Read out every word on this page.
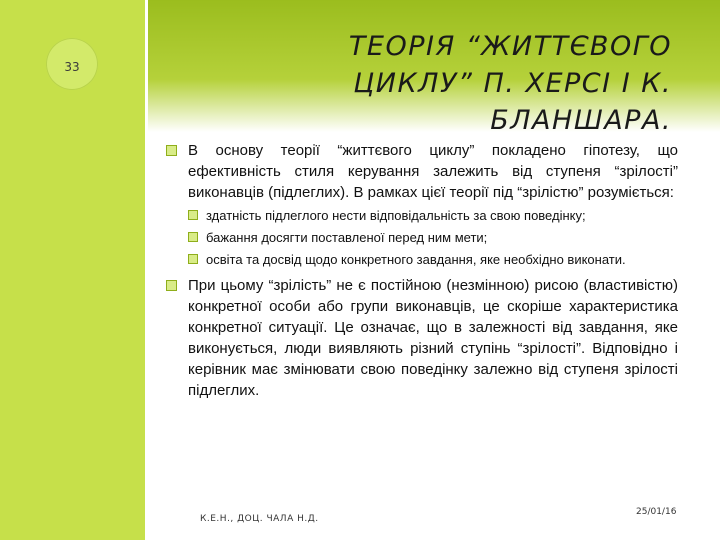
33
ТЕОРІЯ “ЖИТТЄВОГО ЦИКЛУ” П. ХЕРСІ І К. БЛАНШАРА.
В основу теорії “життєвого циклу” покладено гіпотезу, що ефективність стиля керування залежить від ступеня “зрілості” виконавців (підлеглих). В рамках цієї теорії під “зрілістю” розуміється:
здатність підлеглого нести відповідальність за свою поведінку;
бажання досягти поставленої перед ним мети;
освіта та досвід щодо конкретного завдання, яке необхідно виконати.
При цьому “зрілість” не є постійною (незмінною) рисою (властивістю) конкретної особи або групи виконавців, це скоріше характеристика конкретної ситуації. Це означає, що в залежності від завдання, яке виконується, люди виявляють різний ступінь “зрілості”. Відповідно і керівник має змінювати свою поведінку залежно від ступеня зрілості підлеглих.
К.Е.Н., ДОЦ. ЧАЛА Н.Д.
25/01/16
